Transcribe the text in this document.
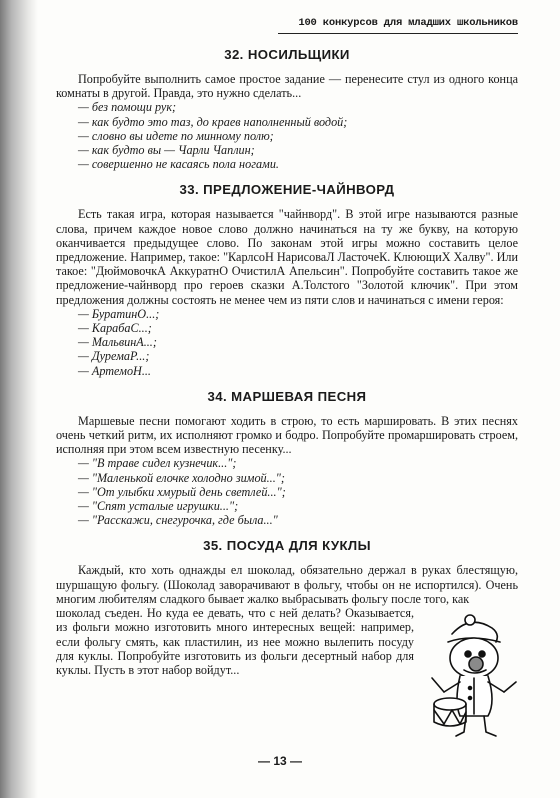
100 конкурсов для младших школьников
32. НОСИЛЬЩИКИ

Попробуйте выполнить самое простое задание — перенесите стул из одного конца комнаты в другой. Правда, это нужно сделать...

— без помощи рук;
— как будто это таз, до краев наполненный водой;
— словно вы идете по минному полю;
— как будто вы — Чарли Чаплин;
— совершенно не касаясь пола ногами.
33. ПРЕДЛОЖЕНИЕ-ЧАЙНВОРД

Есть такая игра, которая называется "чайнворд". В этой игре называются разные слова, причем каждое новое слово должно начинаться на ту же букву, на которую оканчивается предыдущее слово. По законам этой игры можно составить целое предложение. Например, такое: "КарлсоН НарисоваЛ ЛасточеК. КлюющиХ Халву". Или такое: "ДюймовочкА АккуратнО ОчистилА Апельсин". Попробуйте составить такое же предложение-чайнворд про героев сказки А.Толстого "Золотой ключик". При этом предложения должны состоять не менее чем из пяти слов и начинаться с имени героя:

— БуратинО...;
— КарабаС...;
— МальвинА...;
— ДуремаР...;
— АртемоН...
34. МАРШЕВАЯ ПЕСНЯ

Маршевые песни помогают ходить в строю, то есть маршировать. В этих песнях очень четкий ритм, их исполняют громко и бодро. Попробуйте промаршировать строем, исполняя при этом всем известную песенку...

— "В траве сидел кузнечик...";
— "Маленькой елочке холодно зимой...";
— "От улыбки хмурый день светлей...";
— "Спят усталые игрушки...";
— "Расскажи, снегурочка, где была..."
35. ПОСУДА ДЛЯ КУКЛЫ

Каждый, кто хоть однажды ел шоколад, обязательно держал в руках блестящую, шуршащую фольгу. (Шоколад заворачивают в фольгу, чтобы он не испортился). Очень многим любителям сладкого бывает жалко выбрасывать фольгу после того, как

шоколад съеден. Но куда ее девать, что с ней делать? Оказывается, из фольги можно изготовить много интересных вещей: например, если фольгу смять, как пластилин, из нее можно вылепить посуду для куклы. Попробуйте изготовить из фольги десертный набор для куклы. Пусть в этот набор войдут...

— 13 —
